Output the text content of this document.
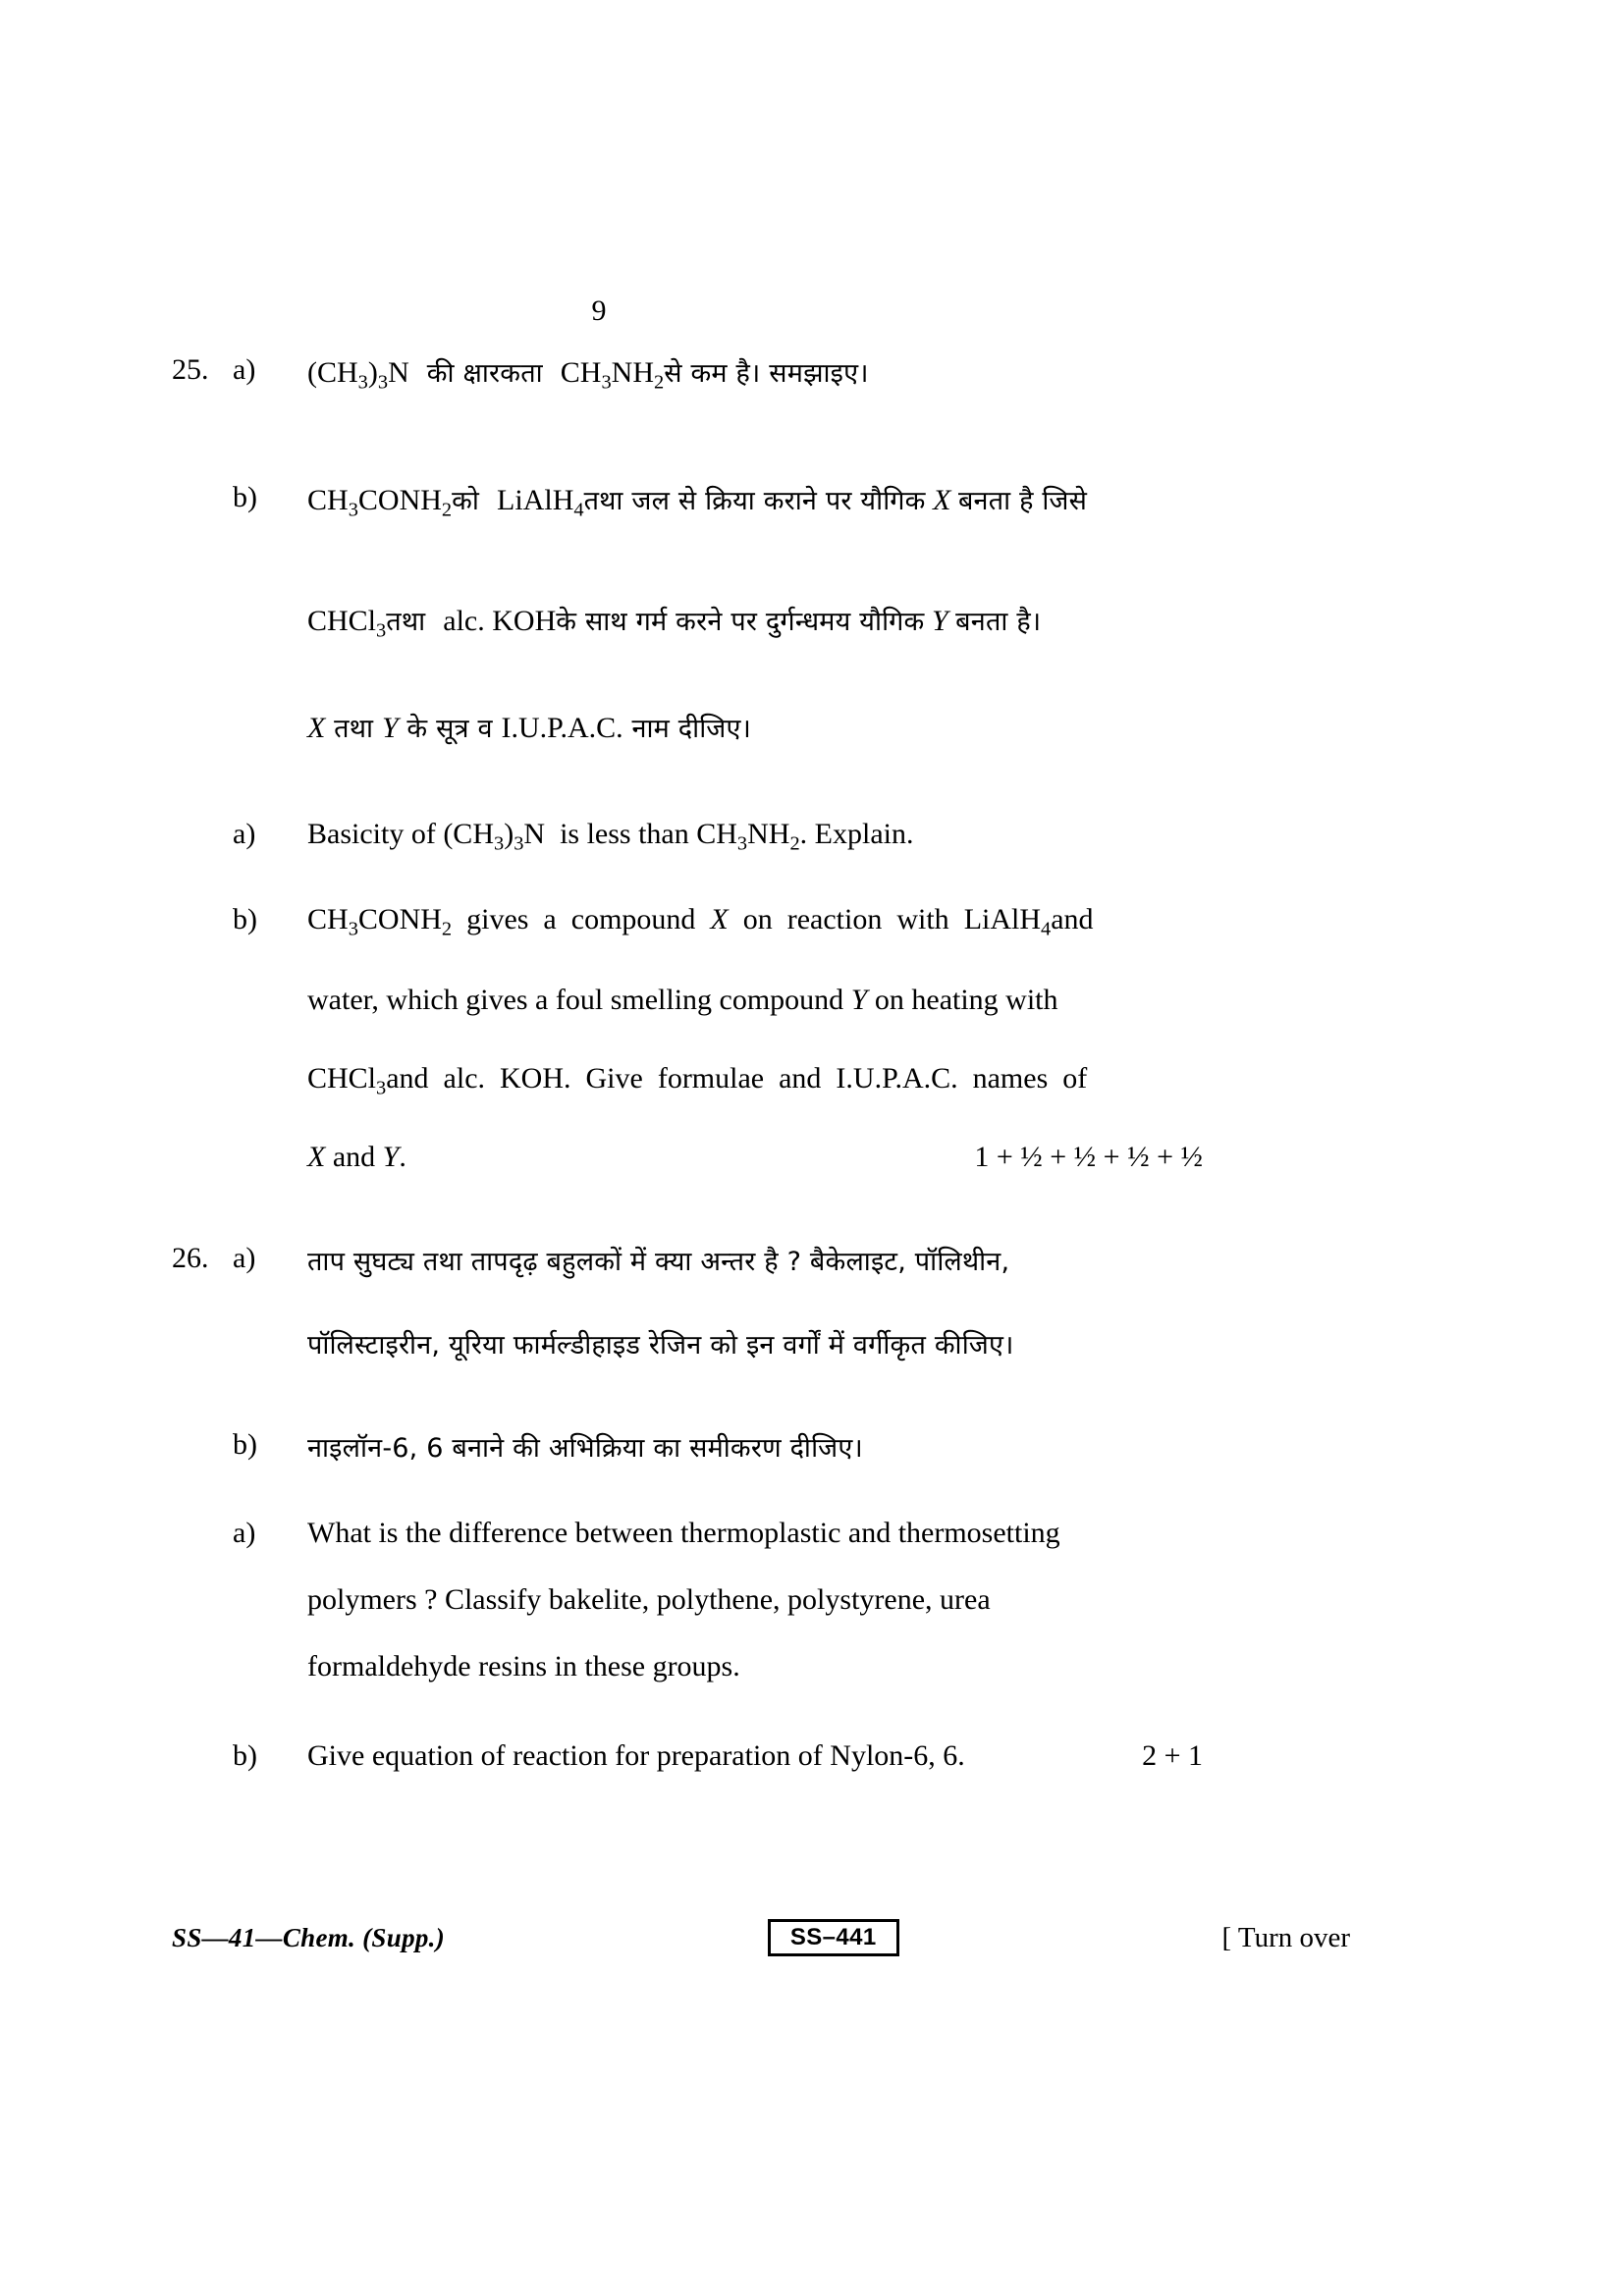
9
25. a)	$(CH_3)_3N$ की क्षारकता $CH_3NH_2से$ कम है। समझाइए।
b)	$CH_3CONH_2को$ LiAlH$_4$तथा जल से क्रिया कराने पर यौगिक X बनता है जिसे
CHCl$_3$तथा alc. KOHके साथ गर्म करने पर दुर्गन्धमय यौगिक Y बनता है।
X तथा Y के सूत्र व I.U.P.A.C. नाम दीजिए।
a)	Basicity of $(CH_3)_3N$  is less than $CH_3NH_2$. Explain.
b)	$CH_3CONH_2$  gives  a  compound  X  on  reaction  with  LiAlH$_4$and
water, which gives a foul smelling compound Y on heating with
CHCl$_3$and  alc.  KOH.  Give  formulae  and  I.U.P.A.C.  names  of
X and Y.	1 + ½ + ½ + ½ + ½
26. a)	ताप सुघट्य तथा तापदृढ़ बहुलकों में क्या अन्तर है ? बैकेलाइट, पॉलिथीन,
पॉलिस्टाइरीन, यूरिया फार्मल्डीहाइड रेजिन को इन वर्गों में वर्गीकृत कीजिए।
b)	नाइलॉन-6, 6 बनाने की अभिक्रिया का समीकरण दीजिए।
a)	What is the difference between thermoplastic and thermosetting
polymers ? Classify bakelite, polythene, polystyrene, urea
formaldehyde resins in these groups.
b)	Give equation of reaction for preparation of Nylon-6, 6.	2 + 1
SS—41—Chem. (Supp.)	SS–441	[ Turn over
